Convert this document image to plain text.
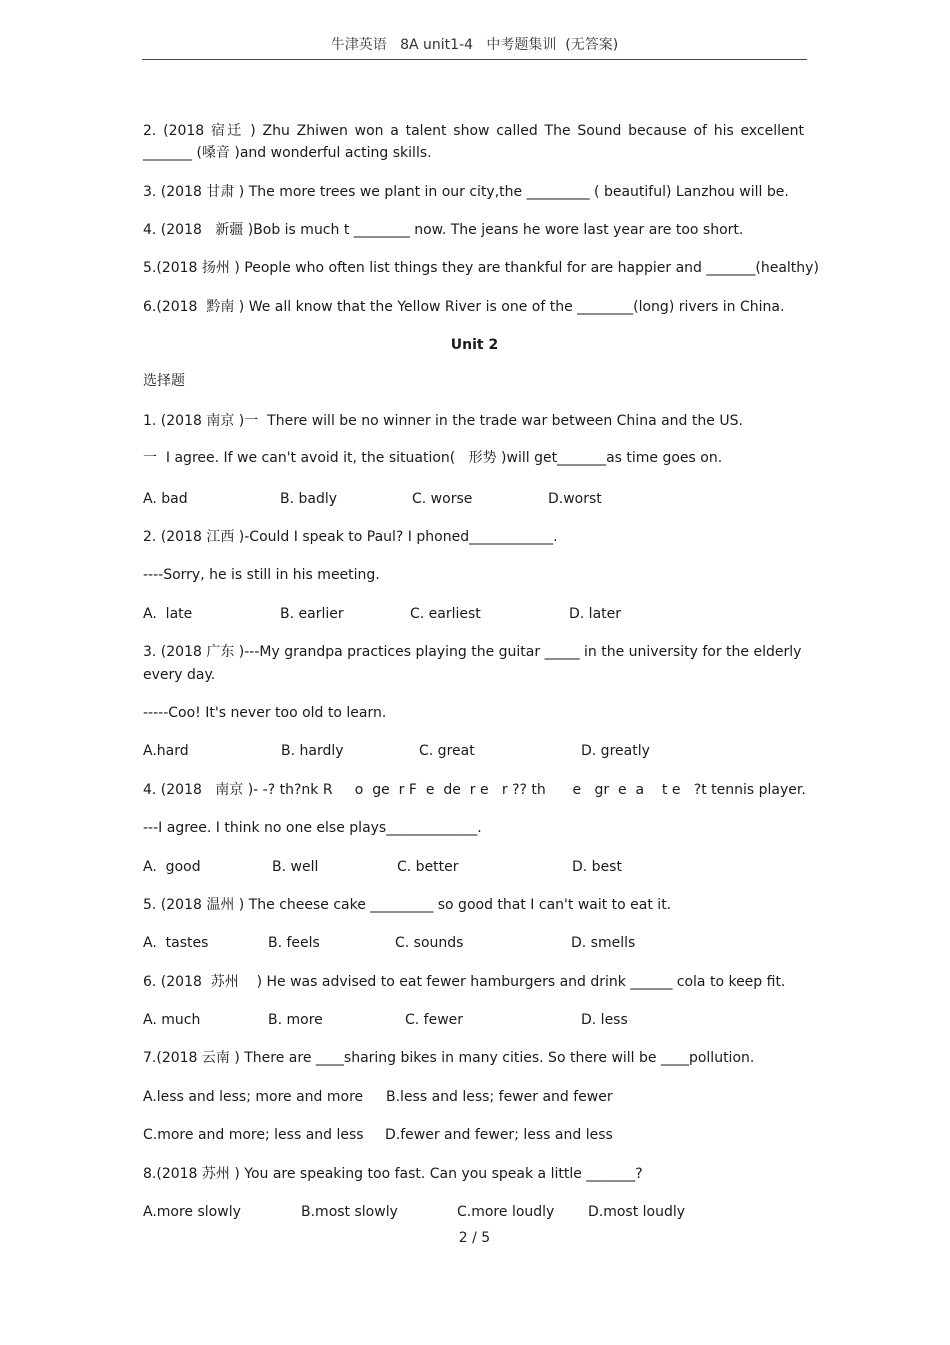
牛津英语   8A unit1-4   中考题集训  (无答案)
2. (2018 宿迁 ) Zhu Zhiwen won a talent show called The Sound because of his excellent
_______ (嗓音 )and wonderful acting skills.
3. (2018 甘肃 ) The more trees we plant in our city,the _________ ( beautiful) Lanzhou will be.
4. (2018   新疆 )Bob is much t ________ now. The jeans he wore last year are too short.
5.(2018 扬州 ) People who often list things they are thankful for are happier and _______(healthy)
6.(2018  黔南 ) We all know that the Yellow River is one of the ________(long) rivers in China.
Unit 2
选择题
1. (2018 南京 )一  There will be no winner in the trade war between China and the US.
一  I agree. If we can't avoid it, the situation(   形势 )will get_______as time goes on.
A. bad	B. badly	C. worse	D.worst
2. (2018 江西 )-Could I speak to Paul? I phoned____________.
----Sorry, he is still in his meeting.
A.  late	B. earlier	C. earliest	D. later
3. (2018 广东 )---My grandpa practices playing the guitar _____ in the university for the elderly
every day.
-----Coo! It's never too old to learn.
A.hard	B. hardly	C. great	D. greatly
4. (2018   南京 )- -? th?nk R     o  ge  r F  e  de  r e   r ?? th      e   gr  e  a    t e   ?t tennis player.
---I agree. I think no one else plays_____________.
A.  good	B. well	C. better	D. best
5. (2018 温州 ) The cheese cake _________ so good that I can't wait to eat it.
A.  tastes	B. feels	C. sounds	D. smells
6. (2018  苏州    ) He was advised to eat fewer hamburgers and drink ______ cola to keep fit.
A. much	B. more	C. fewer	D. less
7.(2018 云南 ) There are ____sharing bikes in many cities. So there will be ____pollution.
A.less and less; more and more B.less and less; fewer and fewer
C.more and more; less and less D.fewer and fewer; less and less
8.(2018 苏州 ) You are speaking too fast. Can you speak a little _______?
A.more slowly	B.most slowly	C.more loudly D.most loudly
2 / 5
